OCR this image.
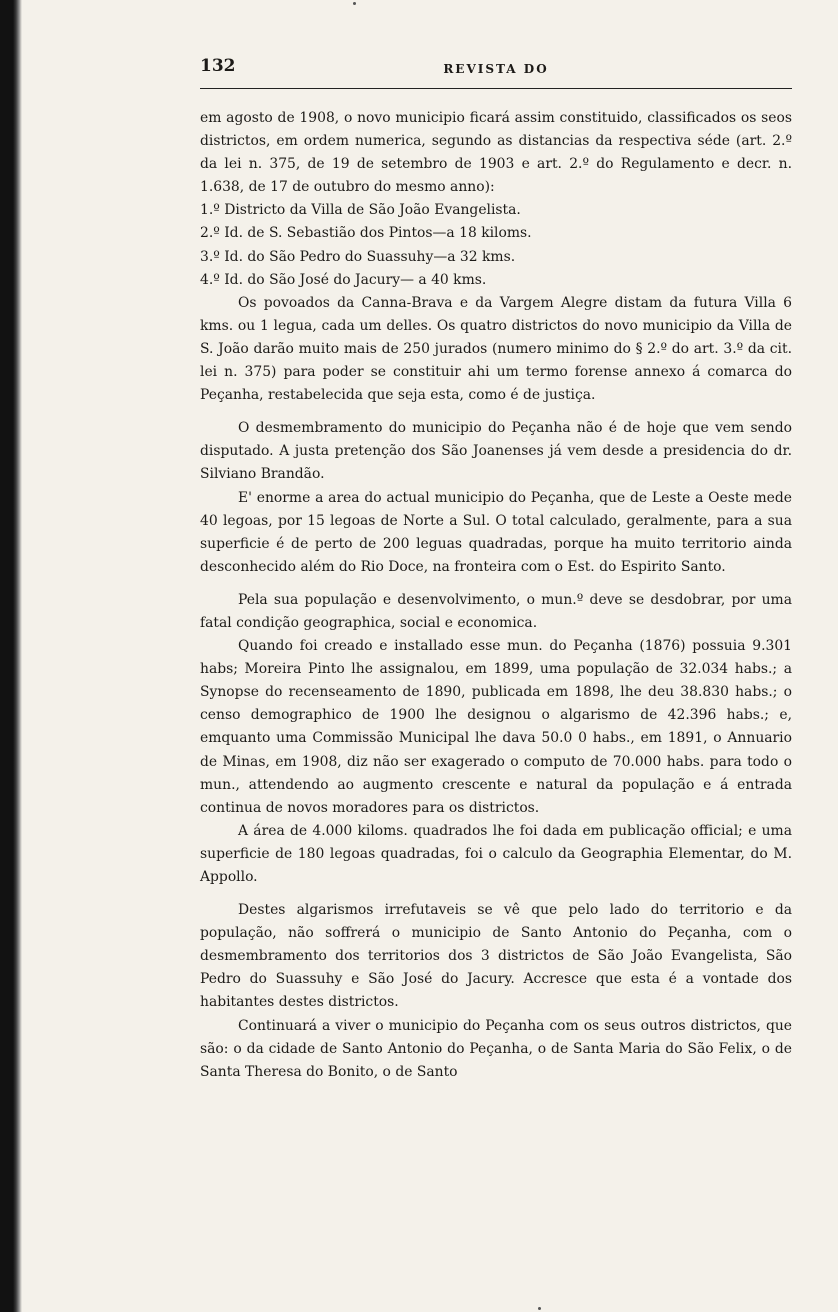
132	REVISTA DO

em agosto de 1908, o novo municipio ficará assim constituido, classificados os seos districtos, em ordem numerica, segundo as distancias da respectiva séde (art. 2.º da lei n. 375, de 19 de setembro de 1903 e art. 2.º do Regulamento e decr. n. 1.638, de 17 de outubro do mesmo anno):

1.º Districto da Villa de São João Evangelista.

2.º Id. de S. Sebastião dos Pintos—a 18 kiloms.

3.º Id. do São Pedro do Suassuhy—a 32 kms.

4.º Id. do São José do Jacury— a 40 kms.

Os povoados da Canna-Brava e da Vargem Alegre distam da futura Villa 6 kms. ou 1 legua, cada um delles. Os quatro districtos do novo municipio da Villa de S. João darão muito mais de 250 jurados (numero minimo do § 2.º do art. 3.º da cit. lei n. 375) para poder se constituir ahi um termo forense annexo á comarca do Peçanha, restabelecida que seja esta, como é de justiça.

O desmembramento do municipio do Peçanha não é de hoje que vem sendo disputado. A justa pretenção dos São Joanenses já vem desde a presidencia do dr. Silviano Brandão.

E' enorme a area do actual municipio do Peçanha, que de Leste a Oeste mede 40 legoas, por 15 legoas de Norte a Sul. O total calculado, geralmente, para a sua superficie é de perto de 200 leguas quadradas, porque ha muito territorio ainda desconhecido além do Rio Doce, na fronteira com o Est. do Espirito Santo.

Pela sua população e desenvolvimento, o mun.º deve se desdobrar, por uma fatal condição geographica, social e economica.

Quando foi creado e installado esse mun. do Peçanha (1876) possuia 9.301 habs; Moreira Pinto lhe assignalou, em 1899, uma população de 32.034 habs.; a Synopse do recenseamento de 1890, publicada em 1898, lhe deu 38.830 habs.; o censo demographico de 1900 lhe designou o algarismo de 42.396 habs.; e, emquanto uma Commissão Municipal lhe dava 50.0 0 habs., em 1891, o Annuario de Minas, em 1908, diz não ser exagerado o computo de 70.000 habs. para todo o mun., attendendo ao augmento crescente e natural da população e á entrada continua de novos moradores para os districtos.

A área de 4.000 kiloms. quadrados lhe foi dada em publicação official; e uma superficie de 180 legoas quadradas, foi o calculo da Geographia Elementar, do M. Appollo.

Destes algarismos irrefutaveis se vê que pelo lado do territorio e da população, não soffrerá o municipio de Santo Antonio do Peçanha, com o desmembramento dos territorios dos 3 districtos de São João Evangelista, São Pedro do Suassuhy e São José do Jacury. Accresce que esta é a vontade dos habitantes destes districtos.

Continuará a viver o municipio do Peçanha com os seus outros districtos, que são: o da cidade de Santo Antonio do Peçanha, o de Santa Maria do São Felix, o de Santa Theresa do Bonito, o de Santo
